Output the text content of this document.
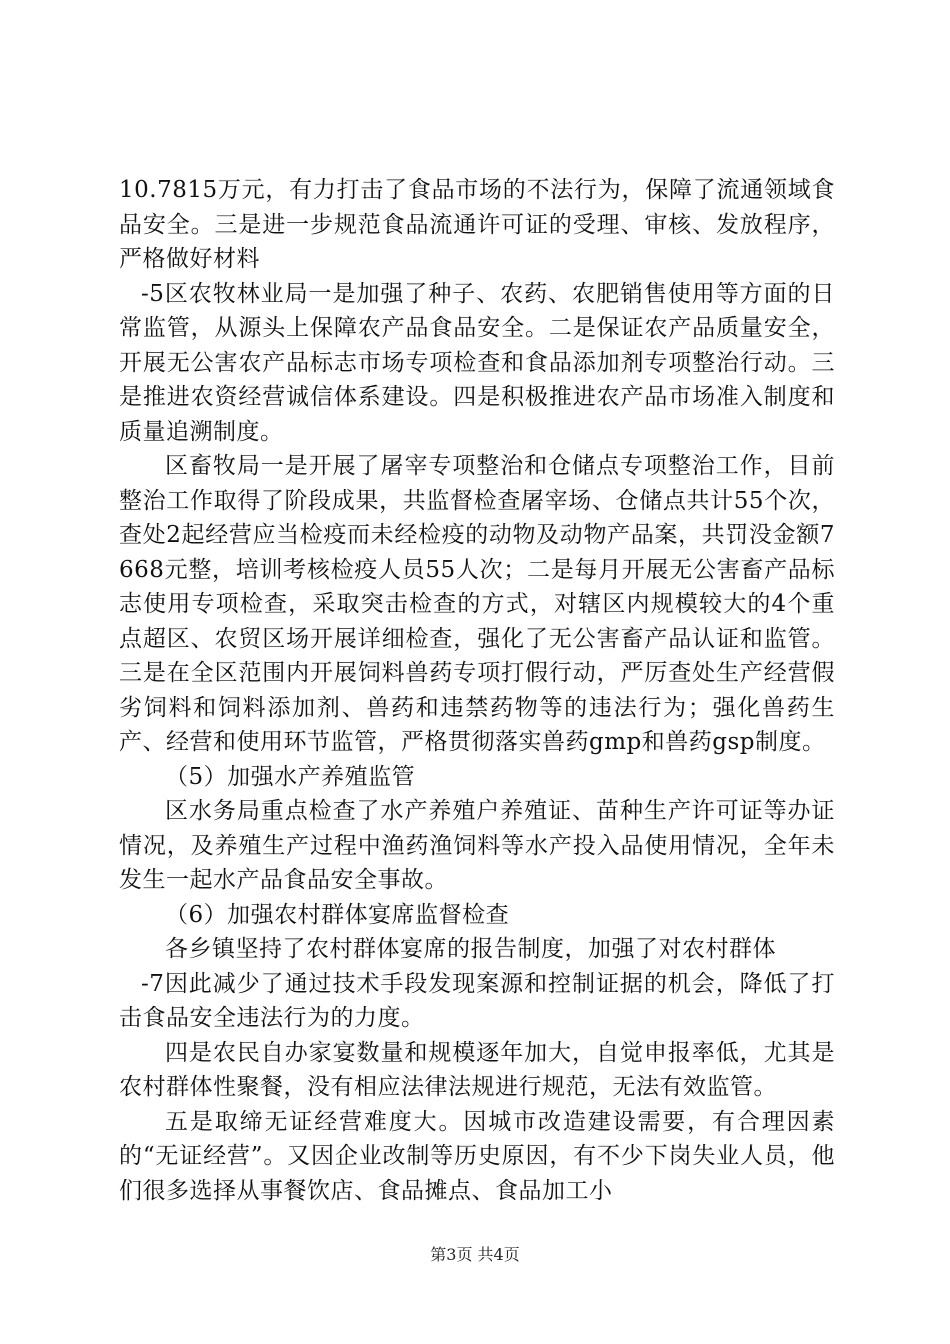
10.7815万元，有力打击了食品市场的不法行为，保障了流通领域食品安全。三是进一步规范食品流通许可证的受理、审核、发放程序，严格做好材料

-5区农牧林业局一是加强了种子、农药、农肥销售使用等方面的日常监管，从源头上保障农产品食品安全。二是保证农产品质量安全，开展无公害农产品标志市场专项检查和食品添加剂专项整治行动。三是推进农资经营诚信体系建设。四是积极推进农产品市场准入制度和质量追溯制度。

区畜牧局一是开展了屠宰专项整治和仓储点专项整治工作，目前整治工作取得了阶段成果，共监督检查屠宰场、仓储点共计55个次，查处2起经营应当检疫而未经检疫的动物及动物产品案，共罚没金额7668元整，培训考核检疫人员55人次；二是每月开展无公害畜产品标志使用专项检查，采取突击检查的方式，对辖区内规模较大的4个重点超区、农贸区场开展详细检查，强化了无公害畜产品认证和监管。三是在全区范围内开展饲料兽药专项打假行动，严厉查处生产经营假劣饲料和饲料添加剂、兽药和违禁药物等的违法行为；强化兽药生产、经营和使用环节监管，严格贯彻落实兽药gmp和兽药gsp制度。

（5）加强水产养殖监管

区水务局重点检查了水产养殖户养殖证、苗种生产许可证等办证情况，及养殖生产过程中渔药渔饲料等水产投入品使用情况，全年未发生一起水产品食品安全事故。

（6）加强农村群体宴席监督检查

各乡镇坚持了农村群体宴席的报告制度，加强了对农村群体

-7因此减少了通过技术手段发现案源和控制证据的机会，降低了打击食品安全违法行为的力度。

四是农民自办家宴数量和规模逐年加大，自觉申报率低，尤其是农村群体性聚餐，没有相应法律法规进行规范，无法有效监管。

五是取缔无证经营难度大。因城市改造建设需要，有合理因素的“无证经营”。又因企业改制等历史原因，有不少下岗失业人员，他们很多选择从事餐饮店、食品摊点、食品加工小

第3页 共4页
